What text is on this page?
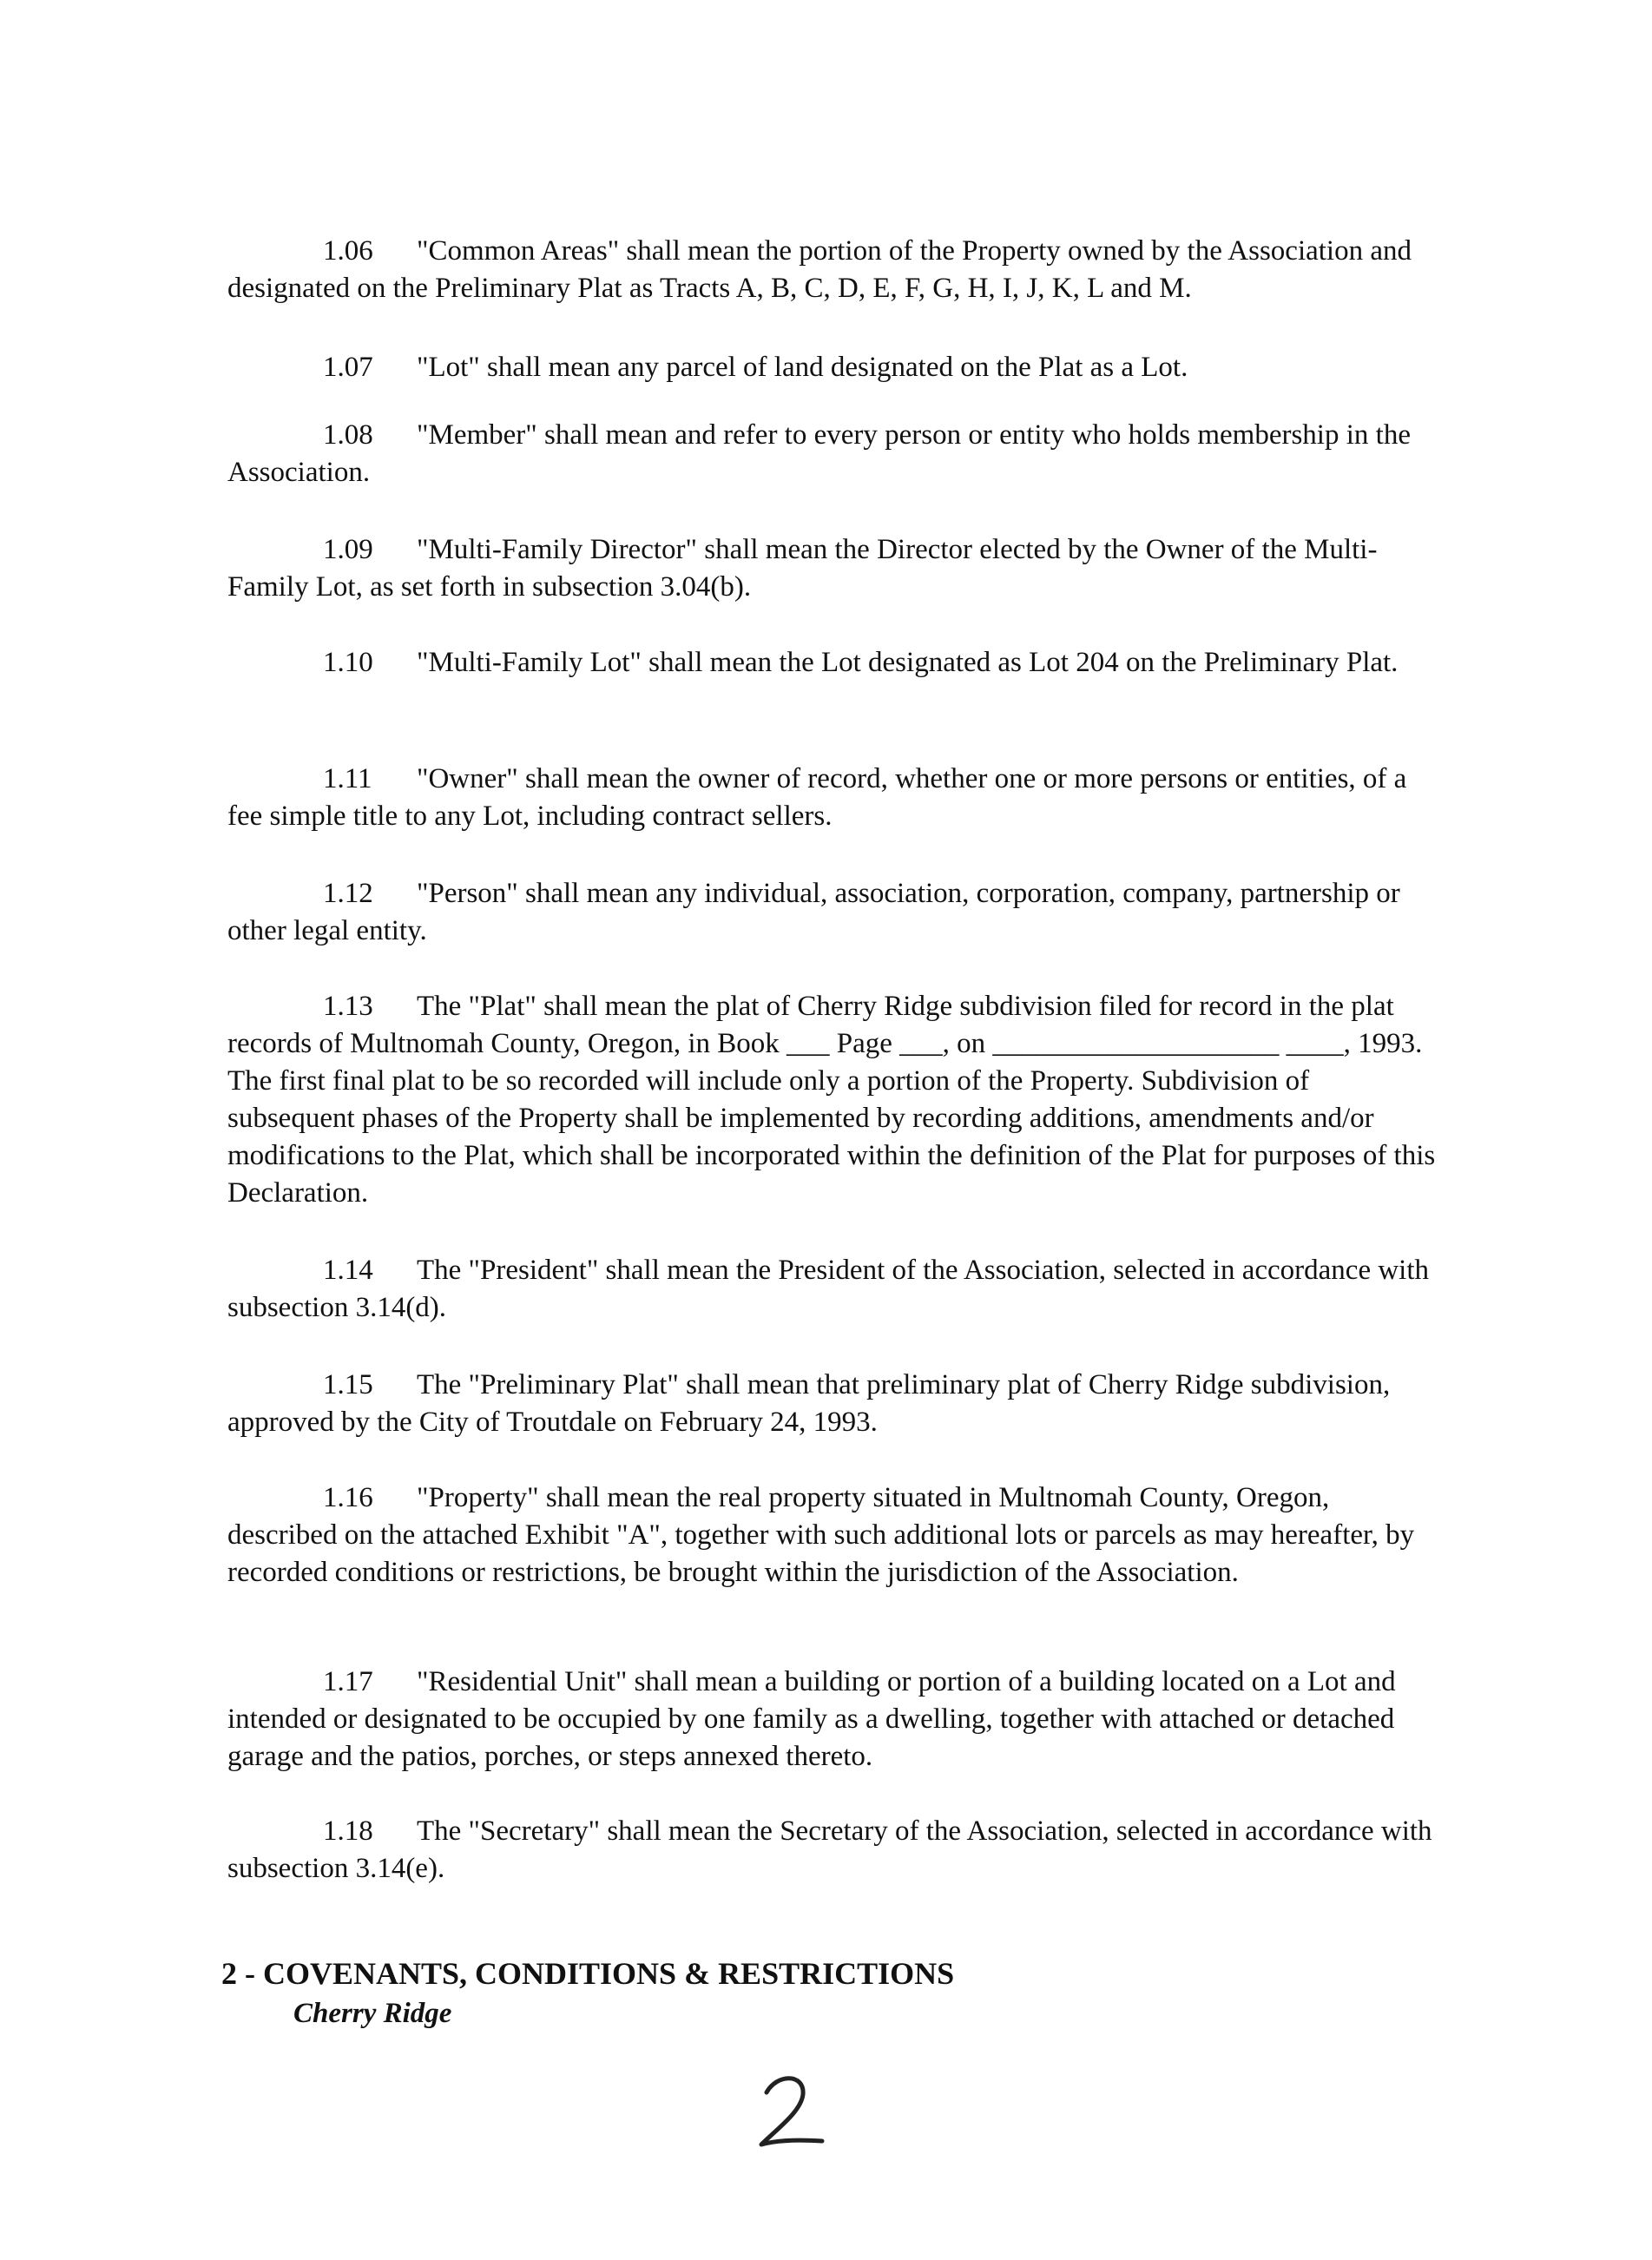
1.06 "Common Areas" shall mean the portion of the Property owned by the Association and designated on the Preliminary Plat as Tracts A, B, C, D, E, F, G, H, I, J, K, L and M.

1.07 "Lot" shall mean any parcel of land designated on the Plat as a Lot.

1.08 "Member" shall mean and refer to every person or entity who holds membership in the Association.

1.09 "Multi-Family Director" shall mean the Director elected by the Owner of the Multi-Family Lot, as set forth in subsection 3.04(b).

1.10 "Multi-Family Lot" shall mean the Lot designated as Lot 204 on the Preliminary Plat.

1.11 "Owner" shall mean the owner of record, whether one or more persons or entities, of a fee simple title to any Lot, including contract sellers.

1.12 "Person" shall mean any individual, association, corporation, company, partnership or other legal entity.

1.13 The "Plat" shall mean the plat of Cherry Ridge subdivision filed for record in the plat records of Multnomah County, Oregon, in Book ___ Page ___, on ____________________ ____, 1993. The first final plat to be so recorded will include only a portion of the Property. Subdivision of subsequent phases of the Property shall be implemented by recording additions, amendments and/or modifications to the Plat, which shall be incorporated within the definition of the Plat for purposes of this Declaration.

1.14 The "President" shall mean the President of the Association, selected in accordance with subsection 3.14(d).

1.15 The "Preliminary Plat" shall mean that preliminary plat of Cherry Ridge subdivision, approved by the City of Troutdale on February 24, 1993.

1.16 "Property" shall mean the real property situated in Multnomah County, Oregon, described on the attached Exhibit "A", together with such additional lots or parcels as may hereafter, by recorded conditions or restrictions, be brought within the jurisdiction of the Association.

1.17 "Residential Unit" shall mean a building or portion of a building located on a Lot and intended or designated to be occupied by one family as a dwelling, together with attached or detached garage and the patios, porches, or steps annexed thereto.

1.18 The "Secretary" shall mean the Secretary of the Association, selected in accordance with subsection 3.14(e).

2 - COVENANTS, CONDITIONS & RESTRICTIONS

Cherry Ridge
